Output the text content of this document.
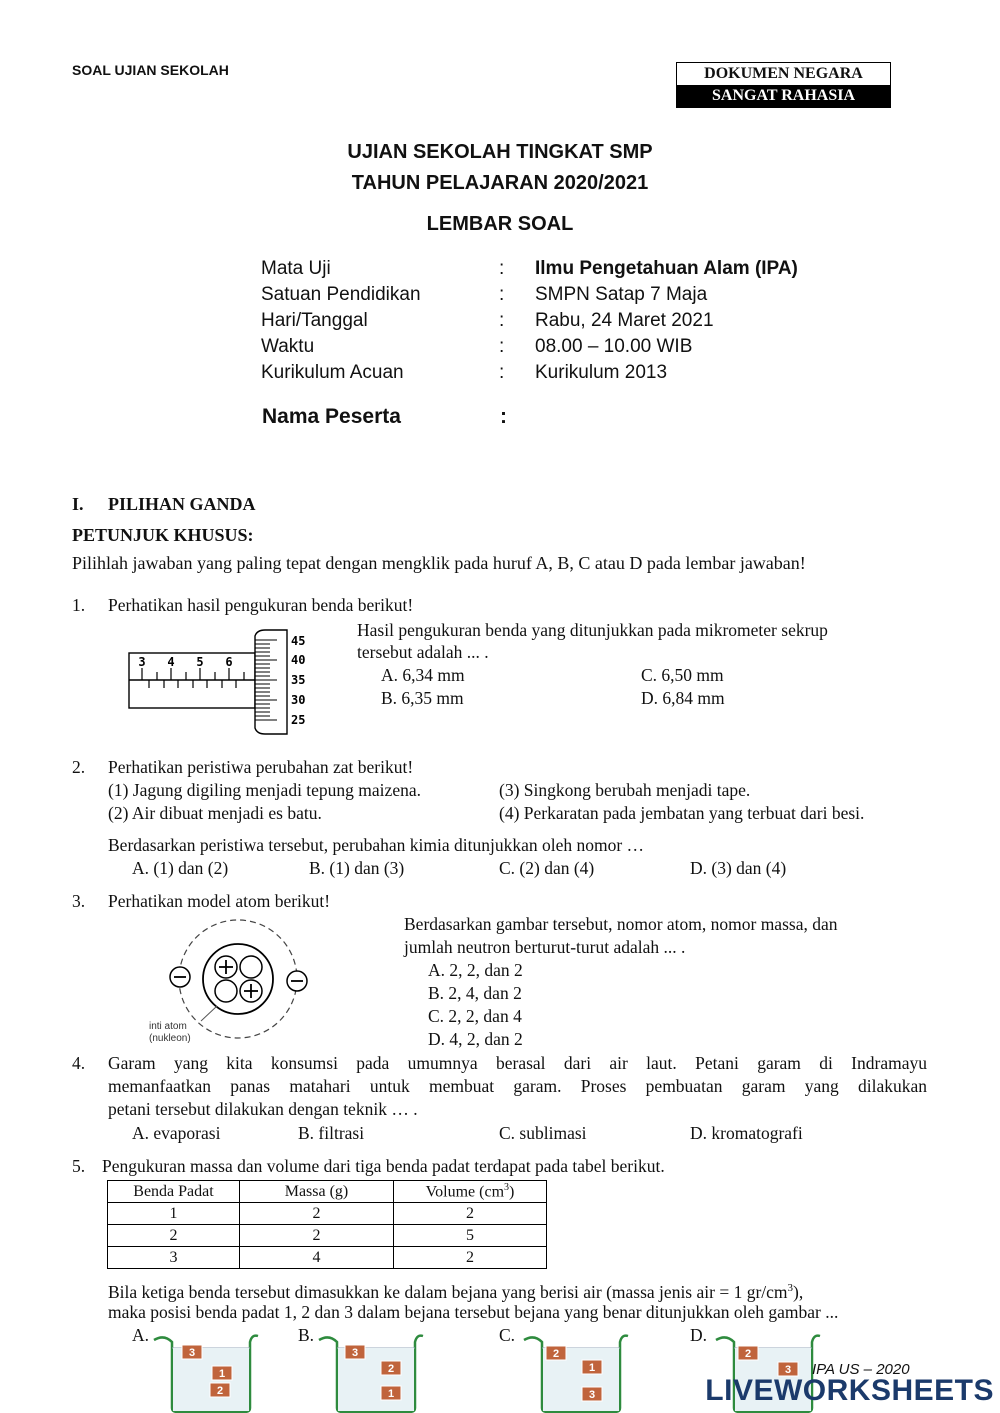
SOAL UJIAN SEKOLAH	DOKUMEN NEGARA
SANGAT RAHASIA
UJIAN SEKOLAH TINGKAT SMP
TAHUN PELAJARAN 2020/2021
LEMBAR SOAL
Mata Uji	: Ilmu Pengetahuan Alam (IPA)
Satuan Pendidikan	: SMPN Satap 7 Maja
Hari/Tanggal	: Rabu, 24 Maret 2021
Waktu	: 08.00 – 10.00 WIB
Kurikulum Acuan	: Kurikulum 2013
Nama Peserta	:
I. PILIHAN GANDA
PETUNJUK KHUSUS:
Pilihlah jawaban yang paling tepat dengan mengklik pada huruf A, B, C atau D pada lembar jawaban!
1. Perhatikan hasil pengukuran benda berikut!
3 4 5 6
45
40
35
30
25
Hasil pengukuran benda yang ditunjukkan pada mikrometer sekrup
tersebut adalah ... .
A. 6,34 mm	C. 6,50 mm
B. 6,35 mm	D. 6,84 mm
2. Perhatikan peristiwa perubahan zat berikut!
(1) Jagung digiling menjadi tepung maizena.	(3) Singkong berubah menjadi tape.
(2) Air dibuat menjadi es batu.	(4) Perkaratan pada jembatan yang terbuat dari besi.
Berdasarkan peristiwa tersebut, perubahan kimia ditunjukkan oleh nomor …
A. (1) dan (2)	B. (1) dan (3)	C. (2) dan (4)	D. (3) dan (4)
3. Perhatikan model atom berikut!
inti atom
(nukleon)
Berdasarkan gambar tersebut, nomor atom, nomor massa, dan
jumlah neutron berturut-turut adalah ... .
A. 2, 2, dan 2
B. 2, 4, dan 2
C. 2, 2, dan 4
D. 4, 2, dan 2
4. Garam yang kita konsumsi pada umumnya berasal dari air laut. Petani garam di Indramayu
memanfaatkan panas matahari untuk membuat garam. Proses pembuatan garam yang dilakukan
petani tersebut dilakukan dengan teknik … .
A. evaporasi	B. filtrasi	C. sublimasi	D. kromatografi
5. Pengukuran massa dan volume dari tiga benda padat terdapat pada tabel berikut.
Benda Padat	Massa (g)	Volume $(cm^3)$
1	2	2
2	2	5
3	4	2
Bila ketiga benda tersebut dimasukkan ke dalam bejana yang berisi air (massa jenis air = 1 $gr/cm^3$),
maka posisi benda padat 1, 2 dan 3 dalam bejana tersebut bejana yang benar ditunjukkan oleh gambar ...
A.	B.	C.	D.
3
1
2
3
2
1
2
1
3
2
3 IPA US – 2020
LIVEWORKSHEETS
